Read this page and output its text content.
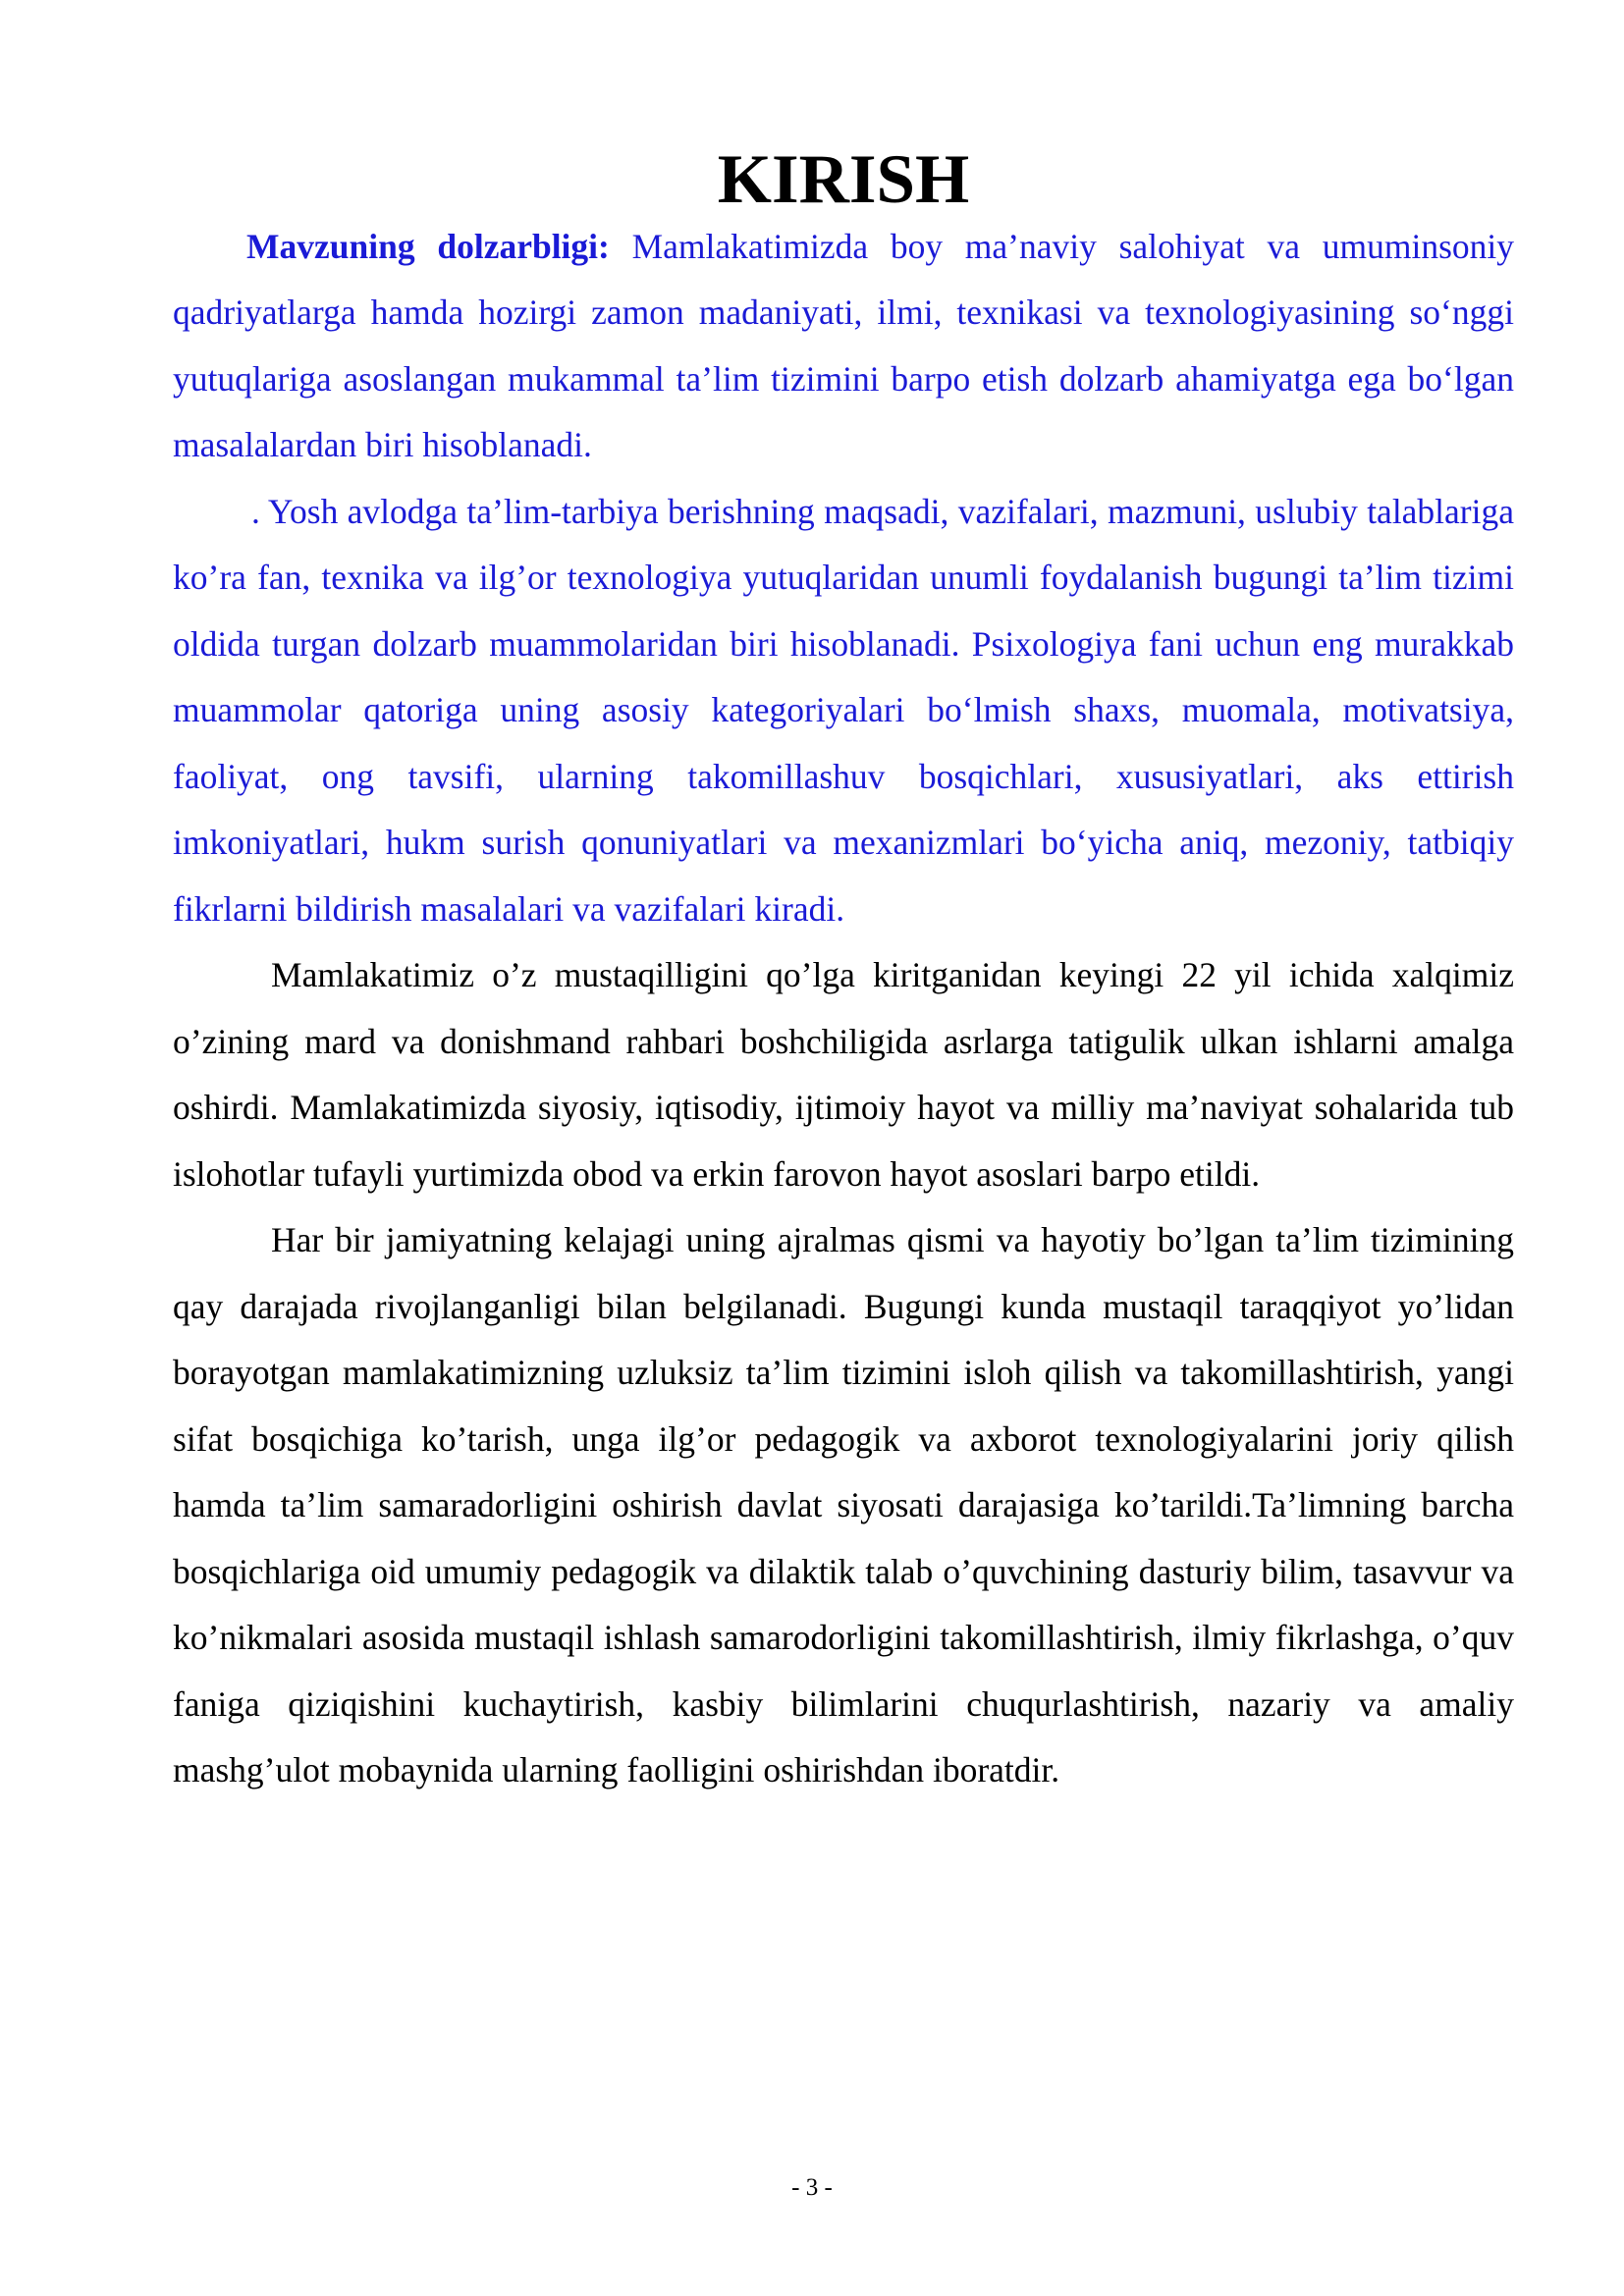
KIRISH

Mavzuning dolzarbligi: Mamlakatimizda boy ma’naviy salohiyat va umuminsoniy qadriyatlarga hamda hozirgi zamon madaniyati, ilmi, texnikasi va texnologiyasining so‘nggi yutuqlariga asoslangan mukammal ta’lim tizimini barpo etish dolzarb ahamiyatga ega bo‘lgan masalalardan biri hisoblanadi.

. Yosh avlodga ta’lim-tarbiya berishning maqsadi, vazifalari, mazmuni, uslubiy talablariga ko’ra fan, texnika va ilg’or texnologiya yutuqlaridan unumli foydalanish bugungi ta’lim tizimi oldida turgan dolzarb muammolaridan biri hisoblanadi. Psixologiya fani uchun eng murakkab muammolar qatoriga uning asosiy kategoriyalari bo‘lmish shaxs, muomala, motivatsiya, faoliyat, ong tavsifi, ularning takomillashuv bosqichlari, xususiyatlari, aks ettirish imkoniyatlari, hukm surish qonuniyatlari va mexanizmlari bo‘yicha aniq, mezoniy, tatbiqiy fikrlarni bildirish masalalari va vazifalari kiradi.

Mamlakatimiz o’z mustaqilligini qo’lga kiritganidan keyingi 22 yil ichida xalqimiz o’zining mard va donishmand rahbari boshchiligida asrlarga tatigulik ulkan ishlarni amalga oshirdi. Mamlakatimizda siyosiy, iqtisodiy, ijtimoiy hayot va milliy ma’naviyat sohalarida tub islohotlar tufayli yurtimizda obod va erkin farovon hayot asoslari barpo etildi.

Har bir jamiyatning kelajagi uning ajralmas qismi va hayotiy bo’lgan ta’lim tizimining qay darajada rivojlanganligi bilan belgilanadi. Bugungi kunda mustaqil taraqqiyot yo’lidan borayotgan mamlakatimizning uzluksiz ta’lim tizimini isloh qilish va takomillashtirish, yangi sifat bosqichiga ko’tarish, unga ilg’or pedagogik va axborot texnologiyalarini joriy qilish hamda ta’lim samaradorligini oshirish davlat siyosati darajasiga ko’tarildi.Ta’limning barcha bosqichlariga oid umumiy pedagogik va dilaktik talab o’quvchining dasturiy bilim, tasavvur va ko’nikmalari asosida mustaqil ishlash samarodorligini takomillashtirish, ilmiy fikrlashga, o’quv faniga qiziqishini kuchaytirish, kasbiy bilimlarini chuqurlashtirish, nazariy va amaliy mashg’ulot mobaynida ularning faolligini oshirishdan iboratdir.

- 3 -
